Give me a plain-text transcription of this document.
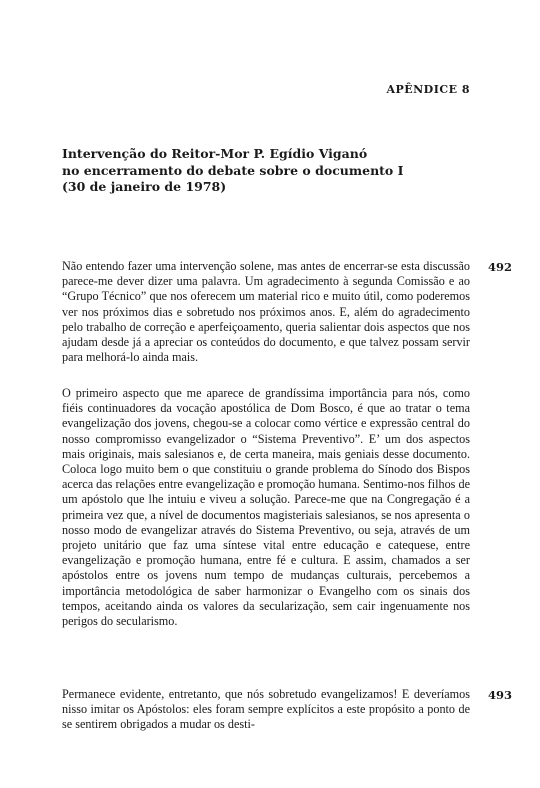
APÊNDICE 8
Intervenção do Reitor-Mor P. Egídio Viganó
no encerramento do debate sobre o documento I
(30 de janeiro de 1978)
Não entendo fazer uma intervenção solene, mas antes de encerrar-se esta discussão parece-me dever dizer uma palavra. Um agradecimento à segunda Comissão e ao “Grupo Técnico” que nos oferecem um material rico e muito útil, como poderemos ver nos próximos dias e sobretudo nos próximos anos. E, além do agradecimento pelo trabalho de correção e aperfeiçoamento, queria salientar dois aspectos que nos ajudam desde já a apreciar os conteúdos do documento, e que talvez possam servir para melhorá-lo ainda mais.
492
O primeiro aspecto que me aparece de grandíssima importância para nós, como fiéis continuadores da vocação apostólica de Dom Bosco, é que ao tratar o tema evangelização dos jovens, chegou-se a colocar como vértice e expressão central do nosso compromisso evangelizador o “Sistema Preventivo”. E’ um dos aspectos mais originais, mais salesianos e, de certa maneira, mais geniais desse documento. Coloca logo muito bem o que constituiu o grande problema do Sínodo dos Bispos acerca das relações entre evangelização e promoção humana. Sentimo-nos filhos de um apóstolo que lhe intuiu e viveu a solução. Parece-me que na Congregação é a primeira vez que, a nível de documentos magisteriais salesianos, se nos apresenta o nosso modo de evangelizar através do Sistema Preventivo, ou seja, através de um projeto unitário que faz uma síntese vital entre educação e catequese, entre evangelização e promoção humana, entre fé e cultura. E assim, chamados a ser apóstolos entre os jovens num tempo de mudanças culturais, percebemos a importância metodológica de saber harmonizar o Evangelho com os sinais dos tempos, aceitando ainda os valores da secularização, sem cair ingenuamente nos perigos do secularismo.
Permanece evidente, entretanto, que nós sobretudo evangelizamos! E deveríamos nisso imitar os Apóstolos: eles foram sempre explícitos a este propósito a ponto de se sentirem obrigados a mudar os desti-
493
